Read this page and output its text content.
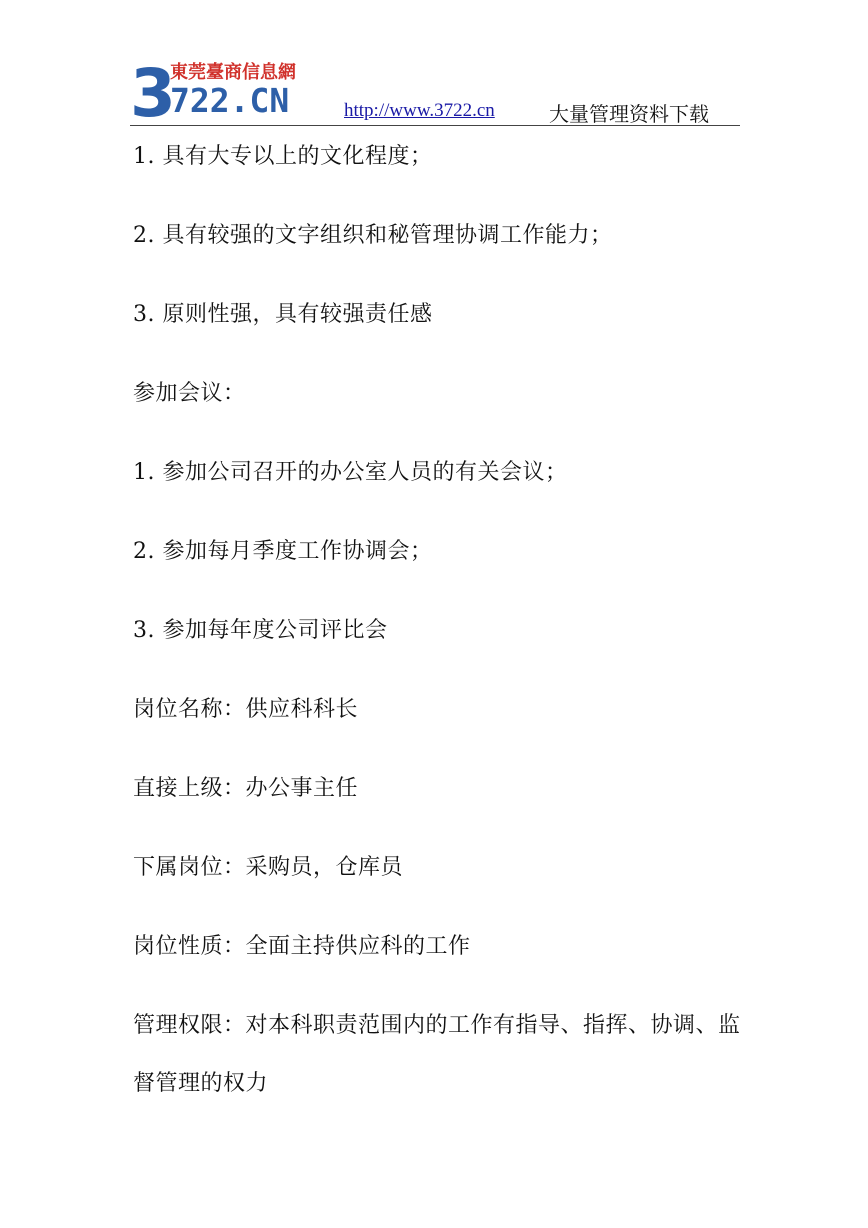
3
東莞臺商信息網
722.CN	http://www.3722.cn	大量管理资料下载

1. 具有大专以上的文化程度；

2. 具有较强的文字组织和秘管理协调工作能力；

3. 原则性强，具有较强责任感

参加会议：

1. 参加公司召开的办公室人员的有关会议；

2. 参加每月季度工作协调会；

3. 参加每年度公司评比会

岗位名称：供应科科长

直接上级：办公事主任

下属岗位：采购员，仓库员

岗位性质：全面主持供应科的工作

管理权限：对本科职责范围内的工作有指导、指挥、协调、监督管理的权力
